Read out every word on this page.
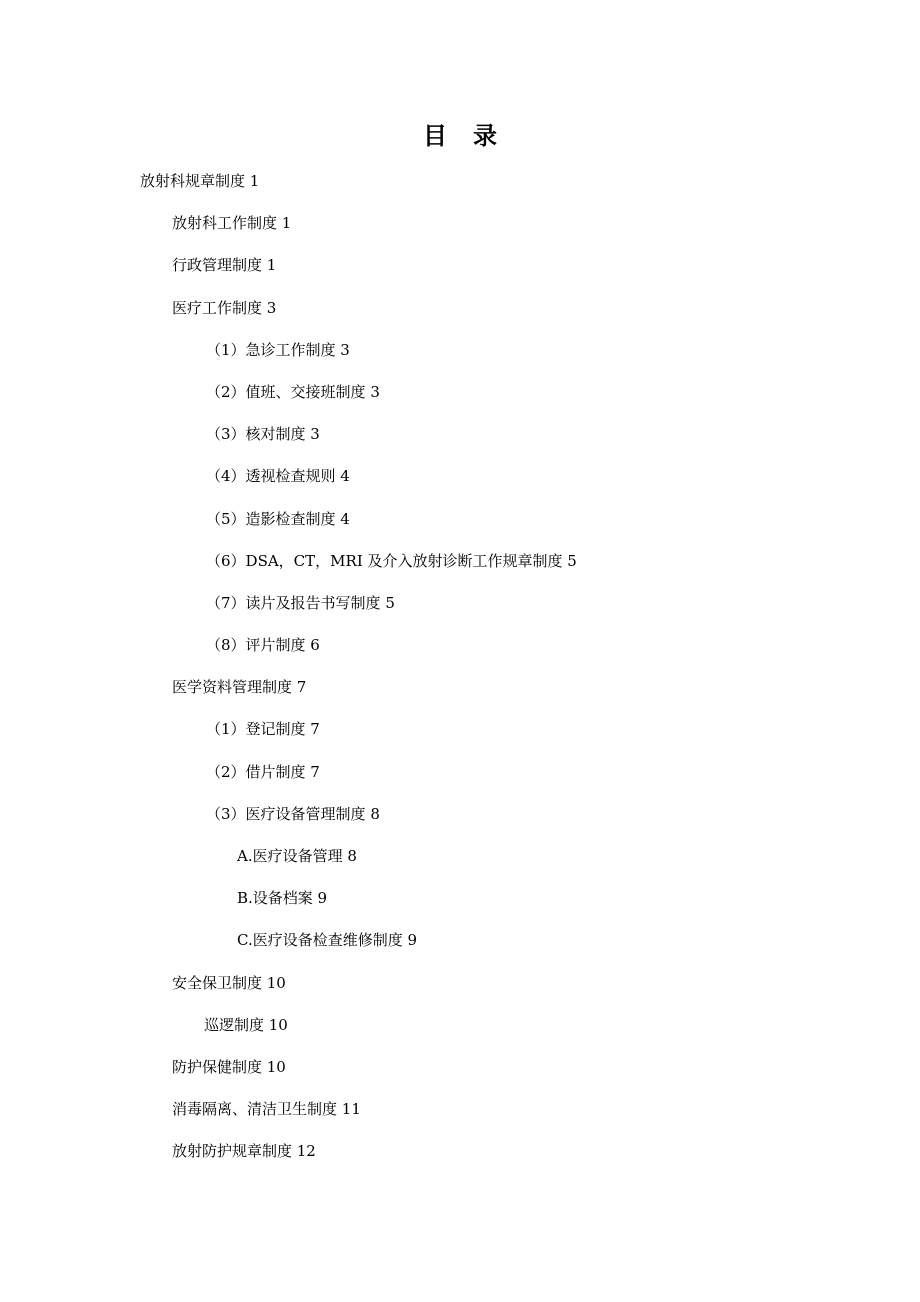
目 录
放射科规章制度 1
放射科工作制度 1
行政管理制度 1
医疗工作制度 3
（1）急诊工作制度 3
（2）值班、交接班制度 3
（3）核对制度 3
（4）透视检查规则 4
（5）造影检查制度 4
（6）DSA，CT，MRI 及介入放射诊断工作规章制度 5
（7）读片及报告书写制度 5
（8）评片制度 6
医学资料管理制度 7
（1）登记制度 7
（2）借片制度 7
（3）医疗设备管理制度 8
A.医疗设备管理 8
B.设备档案 9
C.医疗设备检查维修制度 9
安全保卫制度 10
巡逻制度 10
防护保健制度 10
消毒隔离、清洁卫生制度 11
放射防护规章制度 12
